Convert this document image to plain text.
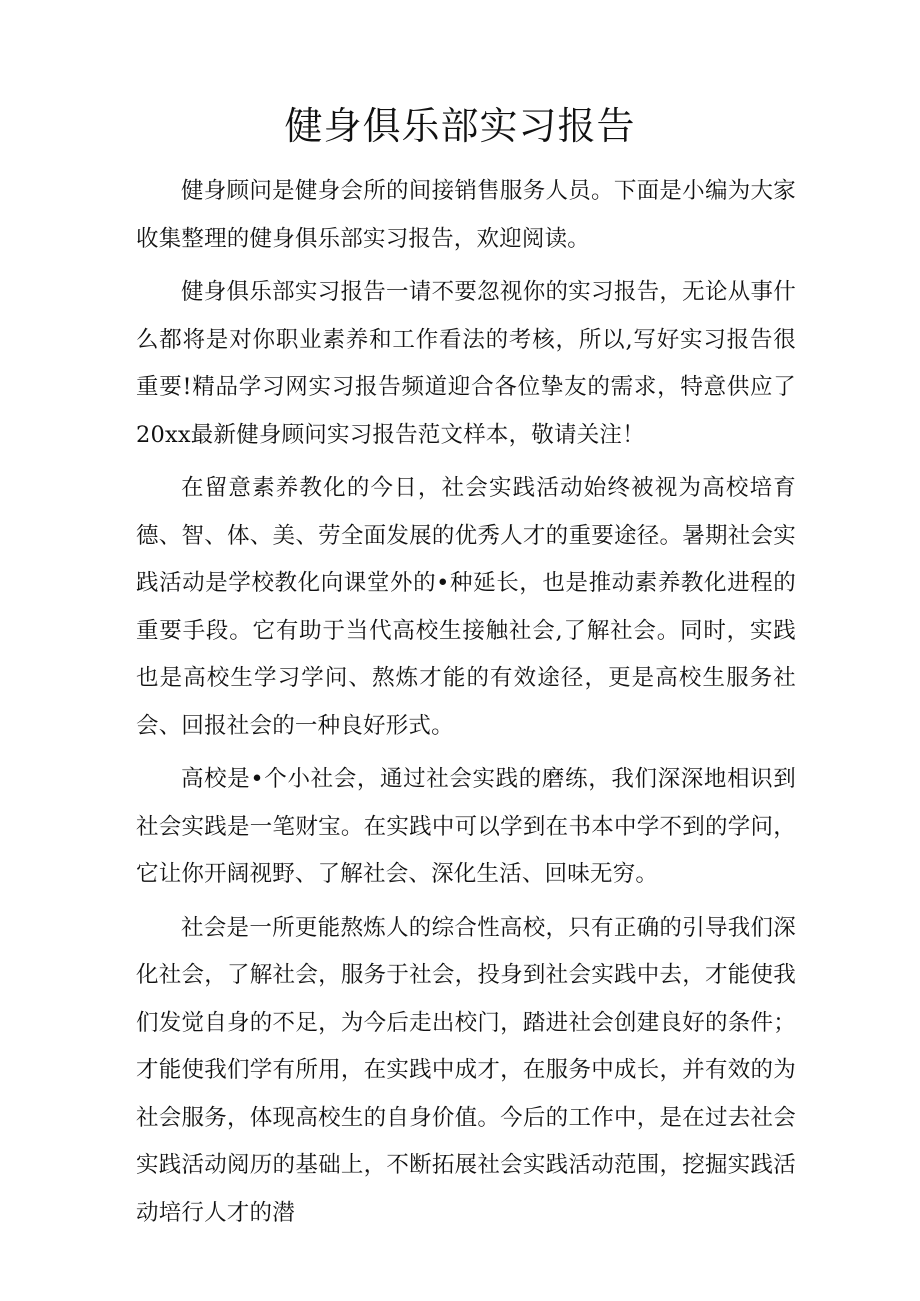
健身俱乐部实习报告

健身顾问是健身会所的间接销售服务人员。下面是小编为大家收集整理的健身俱乐部实习报告，欢迎阅读。

健身俱乐部实习报告一请不要忽视你的实习报告，无论从事什么都将是对你职业素养和工作看法的考核，所以,写好实习报告很重要!精品学习网实习报告频道迎合各位挚友的需求，特意供应了20xx最新健身顾问实习报告范文样本，敬请关注！

在留意素养教化的今日，社会实践活动始终被视为高校培育德、智、体、美、劳全面发展的优秀人才的重要途径。暑期社会实践活动是学校教化向课堂外的•种延长，也是推动素养教化进程的重要手段。它有助于当代高校生接触社会,了解社会。同时，实践也是高校生学习学问、熬炼才能的有效途径，更是高校生服务社会、回报社会的一种良好形式。

高校是•个小社会，通过社会实践的磨练，我们深深地相识到社会实践是一笔财宝。在实践中可以学到在书本中学不到的学问，它让你开阔视野、了解社会、深化生活、回味无穷。

社会是一所更能熬炼人的综合性高校，只有正确的引导我们深化社会，了解社会，服务于社会，投身到社会实践中去，才能使我们发觉自身的不足，为今后走出校门，踏进社会创建良好的条件；才能使我们学有所用，在实践中成才，在服务中成长，并有效的为社会服务，体现高校生的自身价值。今后的工作中，是在过去社会实践活动阅历的基础上，不断拓展社会实践活动范围，挖掘实践活动培行人才的潜
